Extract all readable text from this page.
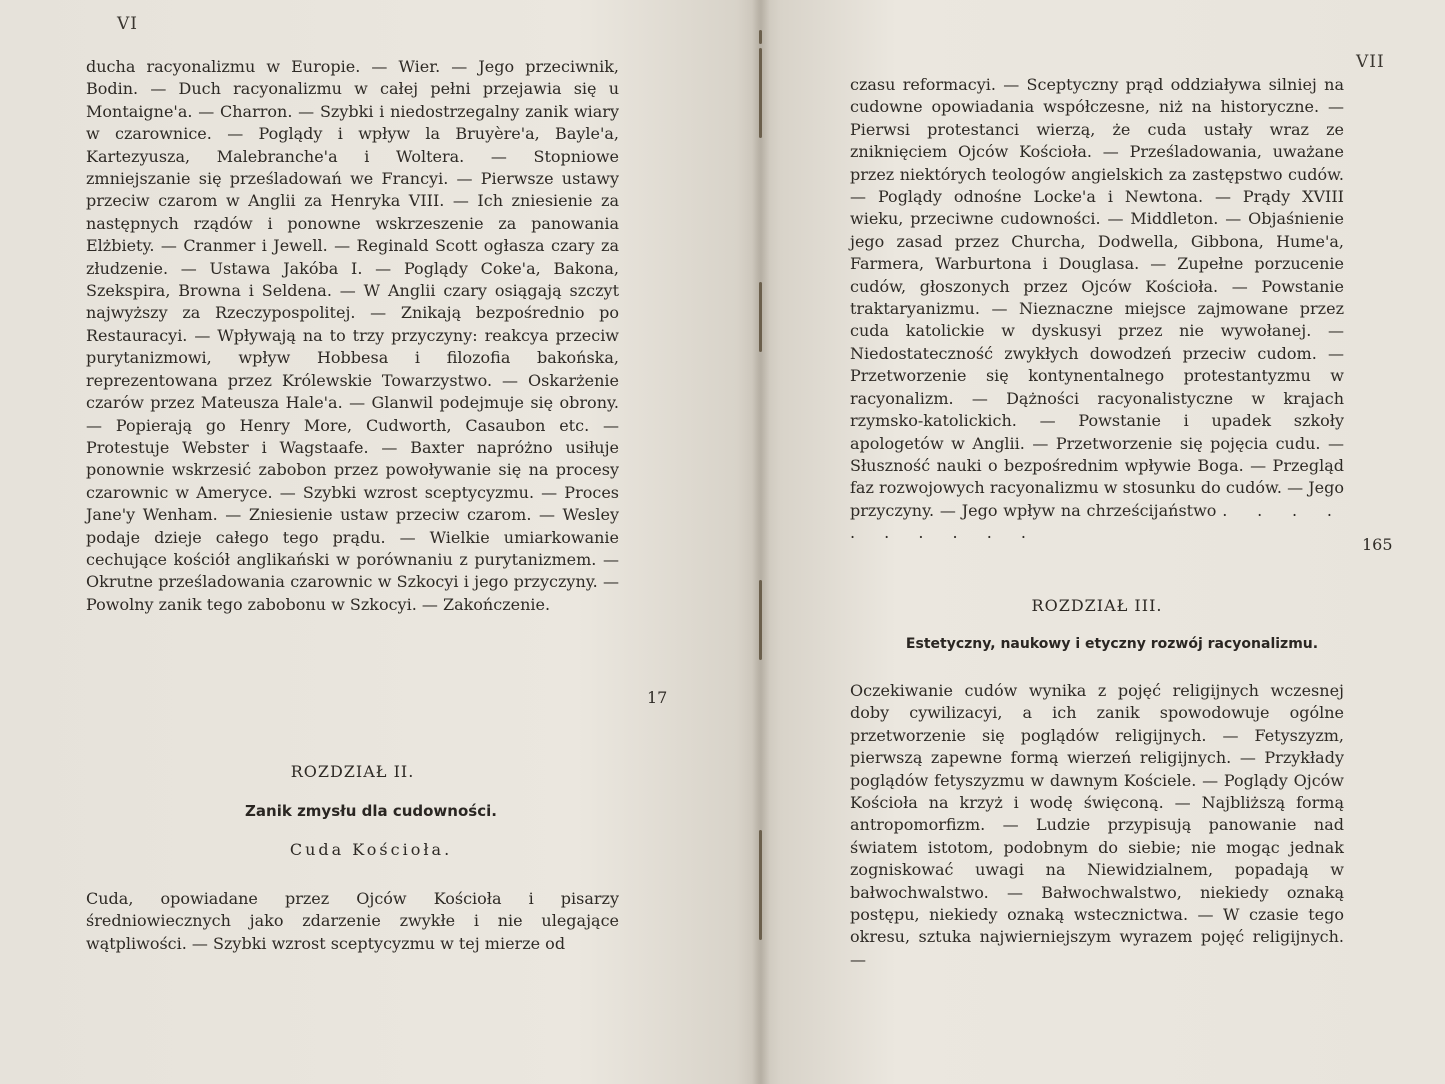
VI

ducha racyonalizmu w Europie. — Wier. — Jego przeciwnik, Bodin. — Duch racyonalizmu w całej pełni przejawia się u Montaigne'a. — Charron. — Szybki i niedostrzegalny zanik wiary w czarownice. — Poglądy i wpływ la Bruyère'a, Bayle'a, Kartezyusza, Malebranche'a i Woltera. — Stopniowe zmniejszanie się prześladowań we Francyi. — Pierwsze ustawy przeciw czarom w Anglii za Henryka VIII. — Ich zniesienie za następnych rządów i ponowne wskrzeszenie za panowania Elżbiety. — Cranmer i Jewell. — Reginald Scott ogłasza czary za złudzenie. — Ustawa Jakóba I. — Poglądy Coke'a, Bakona, Szekspira, Browna i Seldena. — W Anglii czary osiągają szczyt najwyższy za Rzeczypospolitej. — Znikają bezpośrednio po Restauracyi. — Wpływają na to trzy przyczyny: reakcya przeciw purytanizmowi, wpływ Hobbesa i filozofia bakońska, reprezentowana przez Królewskie Towarzystwo. — Oskarżenie czarów przez Mateusza Hale'a. — Glanwil podejmuje się obrony. — Popierają go Henry More, Cudworth, Casaubon etc. — Protestuje Webster i Wagstaafe. — Baxter napróżno usiłuje ponownie wskrzesić zabobon przez powoływanie się na procesy czarownic w Ameryce. — Szybki wzrost sceptycyzmu. — Proces Jane'y Wenham. — Zniesienie ustaw przeciw czarom. — Wesley podaje dzieje całego tego prądu. — Wielkie umiarkowanie cechujące kościół anglikański w porównaniu z purytanizmem. — Okrutne prześladowania czarownic w Szkocyi i jego przyczyny. — Powolny zanik tego zabobonu w Szkocyi. — Zakończenie.

17
ROZDZIAŁ II.
Zanik zmysłu dla cudowności.
Cuda Kościoła.

Cuda, opowiadane przez Ojców Kościoła i pisarzy średniowiecznych jako zdarzenie zwykłe i nie ulegające wątpliwości. — Szybki wzrost sceptycyzmu w tej mierze od

VII

czasu reformacyi. — Sceptyczny prąd oddziaływa silniej na cudowne opowiadania współczesne, niż na historyczne. — Pierwsi protestanci wierzą, że cuda ustały wraz ze zniknięciem Ojców Kościoła. — Prześladowania, uważane przez niektórych teologów angielskich za zastępstwo cudów. — Poglądy odnośne Locke'a i Newtona. — Prądy XVIII wieku, przeciwne cudowności. — Middleton. — Objaśnienie jego zasad przez Churcha, Dodwella, Gibbona, Hume'a, Farmera, Warburtona i Douglasa. — Zupełne porzucenie cudów, głoszonych przez Ojców Kościoła. — Powstanie traktaryanizmu. — Nieznaczne miejsce zajmowane przez cuda katolickie w dyskusyi przez nie wywołanej. — Niedostateczność zwykłych dowodzeń przeciw cudom. — Przetworzenie się kontynentalnego protestantyzmu w racyonalizm. — Dążności racyonalistyczne w krajach rzymsko-katolickich. — Powstanie i upadek szkoły apologetów w Anglii. — Przetworzenie się pojęcia cudu. — Słuszność nauki o bezpośrednim wpływie Boga. — Przegląd faz rozwojowych racyonalizmu w stosunku do cudów. — Jego przyczyny. — Jego wpływ na chrześcijaństwo . . . . . . . . . .

165
ROZDZIAŁ III.
Estetyczny, naukowy i etyczny rozwój racyonalizmu.

Oczekiwanie cudów wynika z pojęć religijnych wczesnej doby cywilizacyi, a ich zanik spowodowuje ogólne przetworzenie się poglądów religijnych. — Fetyszyzm, pierwszą zapewne formą wierzeń religijnych. — Przykłady poglądów fetyszyzmu w dawnym Kościele. — Poglądy Ojców Kościoła na krzyż i wodę święconą. — Najbliższą formą antropomorfizm. — Ludzie przypisują panowanie nad światem istotom, podobnym do siebie; nie mogąc jednak zogniskować uwagi na Niewidzialnem, popadają w bałwochwalstwo. — Bałwochwalstwo, niekiedy oznaką postępu, niekiedy oznaką wstecznictwa. — W czasie tego okresu, sztuka najwierniejszym wyrazem pojęć religijnych. —
